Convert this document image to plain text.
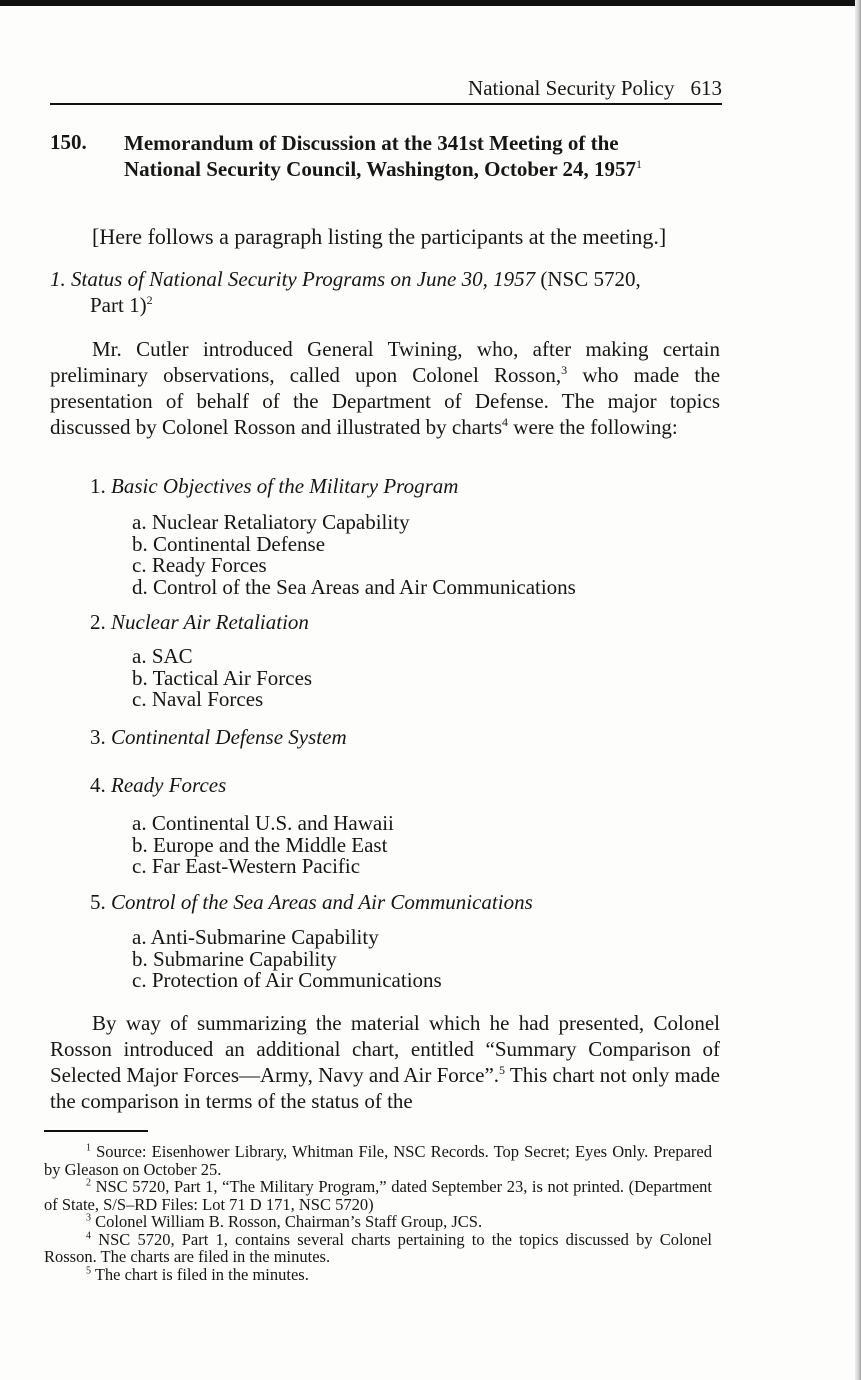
National Security Policy 613
150. Memorandum of Discussion at the 341st Meeting of the
National Security Council, Washington, October 24, 1957$^1$
[Here follows a paragraph listing the participants at the meeting.]
1. Status of National Security Programs on June 30, 1957 (NSC 5720,
Part 1)$^2$
Mr. Cutler introduced General Twining, who, after making certain preliminary observations, called upon Colonel Rosson,$^3$ who made the presentation of behalf of the Department of Defense. The major topics discussed by Colonel Rosson and illustrated by charts$^4$ were the following:
1. Basic Objectives of the Military Program
a. Nuclear Retaliatory Capability
b. Continental Defense
c. Ready Forces
d. Control of the Sea Areas and Air Communications
2. Nuclear Air Retaliation
a. SAC
b. Tactical Air Forces
c. Naval Forces
3. Continental Defense System
4. Ready Forces
a. Continental U.S. and Hawaii
b. Europe and the Middle East
c. Far East-Western Pacific
5. Control of the Sea Areas and Air Communications
a. Anti-Submarine Capability
b. Submarine Capability
c. Protection of Air Communications
By way of summarizing the material which he had presented, Colonel Rosson introduced an additional chart, entitled “Summary Comparison of Selected Major Forces—Army, Navy and Air Force”.$^5$ This chart not only made the comparison in terms of the status of the
$^1$ Source: Eisenhower Library, Whitman File, NSC Records. Top Secret; Eyes Only. Prepared by Gleason on October 25.
$^2$ NSC 5720, Part 1, “The Military Program,” dated September 23, is not printed. (Department of State, S/S–RD Files: Lot 71 D 171, NSC 5720)
$^3$ Colonel William B. Rosson, Chairman’s Staff Group, JCS.
$^4$ NSC 5720, Part 1, contains several charts pertaining to the topics discussed by Colonel Rosson. The charts are filed in the minutes.
$^5$ The chart is filed in the minutes.
